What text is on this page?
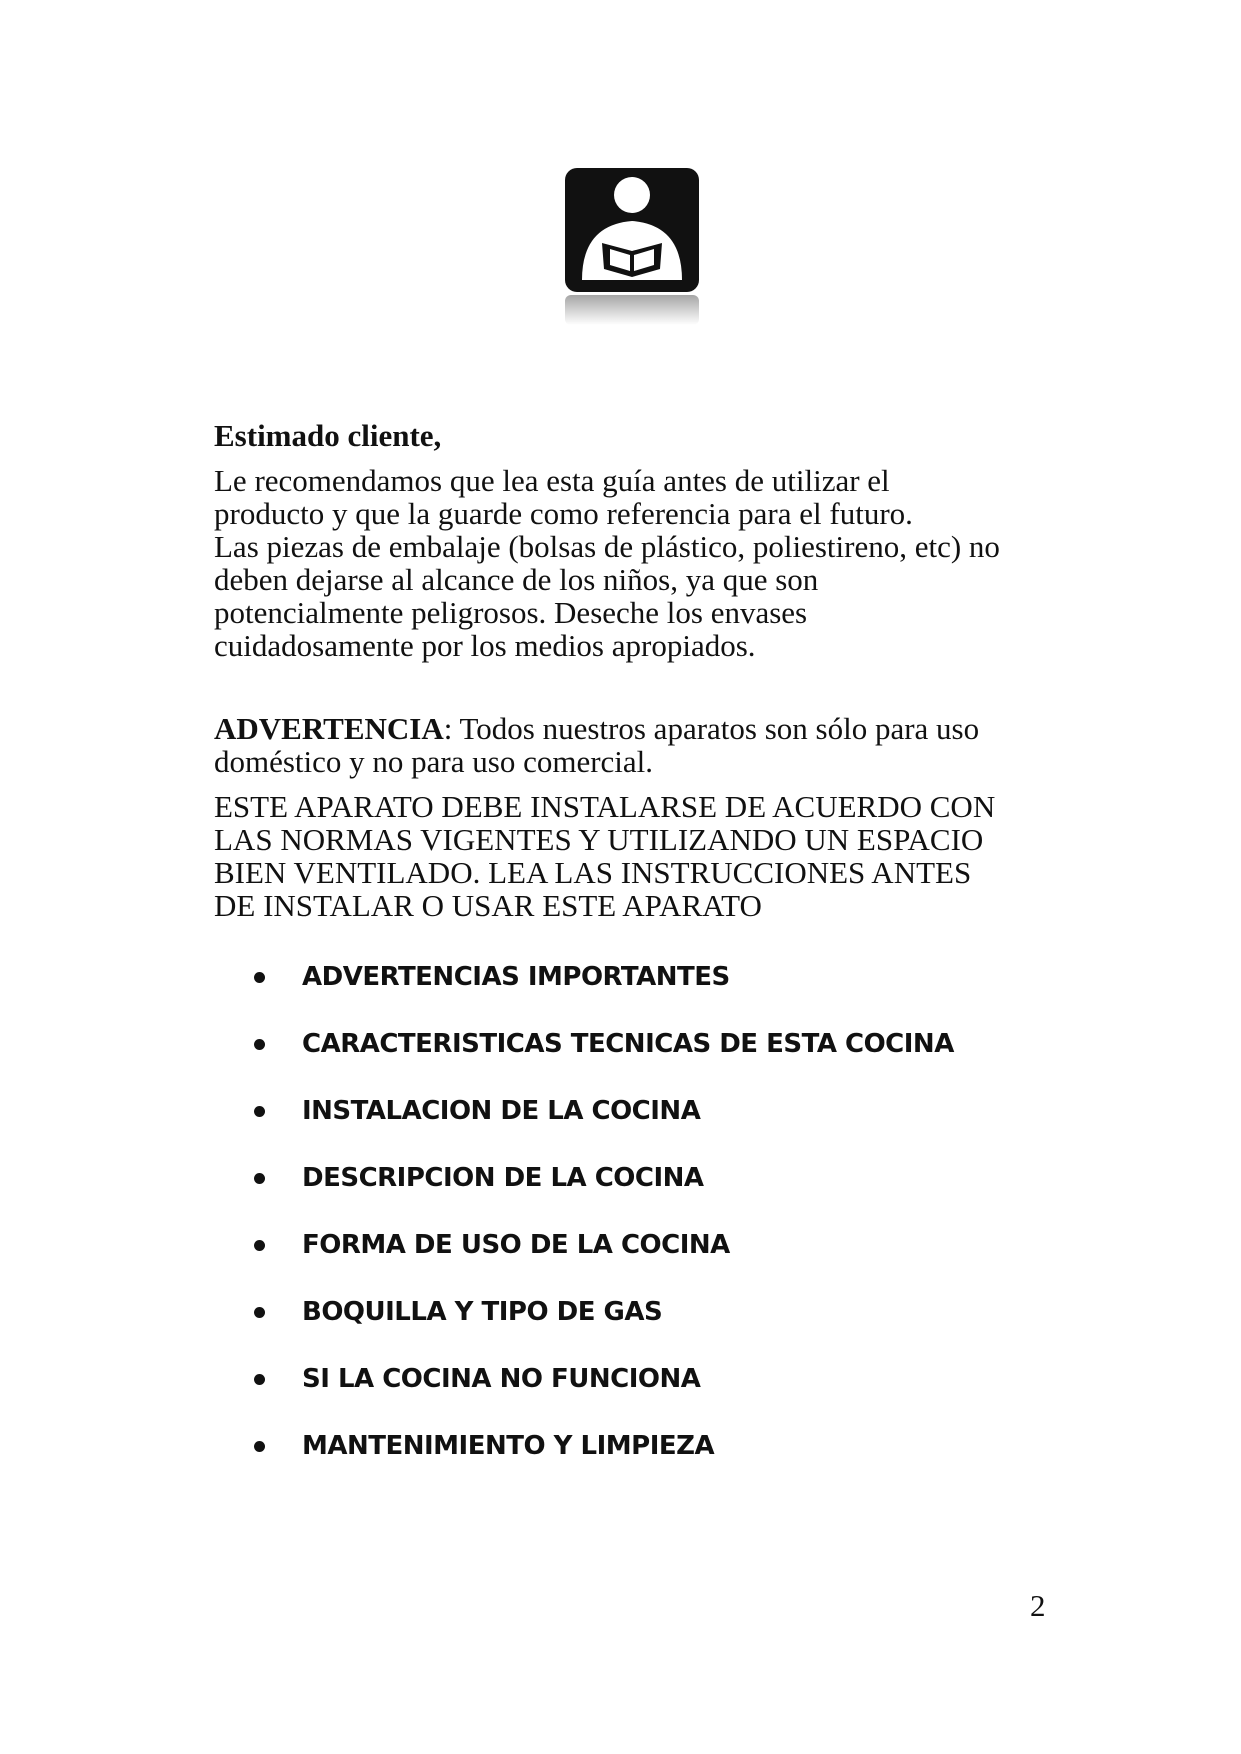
Estimado cliente,

Le recomendamos que lea esta guía antes de utilizar el

producto y que la guarde como referencia para el futuro.

Las piezas de embalaje (bolsas de plástico, poliestireno, etc) no

deben dejarse al alcance de los niños, ya que son

potencialmente peligrosos. Deseche los envases

cuidadosamente por los medios apropiados.

ADVERTENCIA: Todos nuestros aparatos son sólo para uso
doméstico y no para uso comercial.
ESTE APARATO DEBE INSTALARSE DE ACUERDO CON
LAS NORMAS VIGENTES Y UTILIZANDO UN ESPACIO
BIEN VENTILADO. LEA LAS INSTRUCCIONES ANTES
DE INSTALAR O USAR ESTE APARATO
ADVERTENCIAS IMPORTANTES
CARACTERISTICAS TECNICAS DE ESTA COCINA
INSTALACION DE LA COCINA
DESCRIPCION DE LA COCINA
FORMA DE USO DE LA COCINA
BOQUILLA Y TIPO DE GAS
SI LA COCINA NO FUNCIONA
MANTENIMIENTO Y LIMPIEZA
2
